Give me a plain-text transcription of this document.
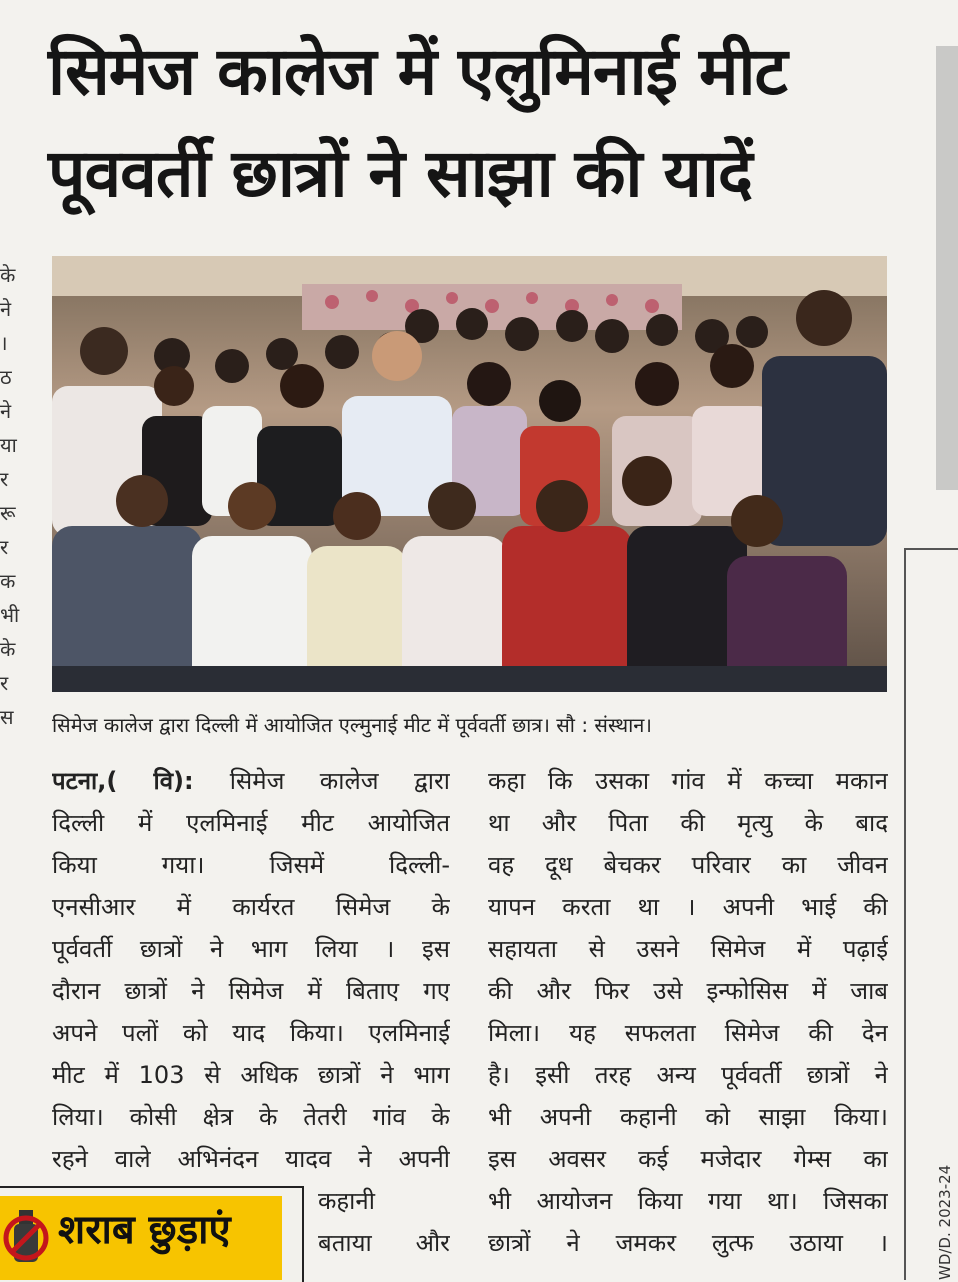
सिमेज कालेज में एलुमिनाई मीट
पूववर्ती छात्रों ने साझा की यादें
WD/D. 2023-24
के
ने
।
ठ
ने
या
र
रू
र
क
भी
के
र
स	सिमेज कालेज द्वारा दिल्ली में आयोजित एल्मुनाई मीट में पूर्ववर्ती छात्र। सौ : संस्थान।
पटना,( वि): सिमेज कालेज द्वारा
दिल्ली में एलमिनाई मीट आयोजित
किया गया। जिसमें दिल्ली-
एनसीआर में कार्यरत सिमेज के
पूर्ववर्ती छात्रों ने भाग लिया । इस
दौरान छात्रों ने सिमेज में बिताए गए
अपने पलों को याद किया। एलमिनाई
मीट में 103 से अधिक छात्रों ने भाग
लिया। कोसी क्षेत्र के तेतरी गांव के
रहने वाले अभिनंदन यादव ने अपनी
कहानी
बताया और
कहा कि उसका गांव में कच्चा मकान
था और पिता की मृत्यु के बाद
वह दूध बेचकर परिवार का जीवन
यापन करता था । अपनी भाई की
सहायता से उसने सिमेज में पढ़ाई
की और फिर उसे इन्फोसिस में जाब
मिला। यह सफलता सिमेज की देन
है। इसी तरह अन्य पूर्ववर्ती छात्रों ने
भी अपनी कहानी को साझा किया।
इस अवसर कई मजेदार गेम्स का
भी आयोजन किया गया था। जिसका
छात्रों ने जमकर लुत्फ उठाया ।
शराब छुड़ाएं
